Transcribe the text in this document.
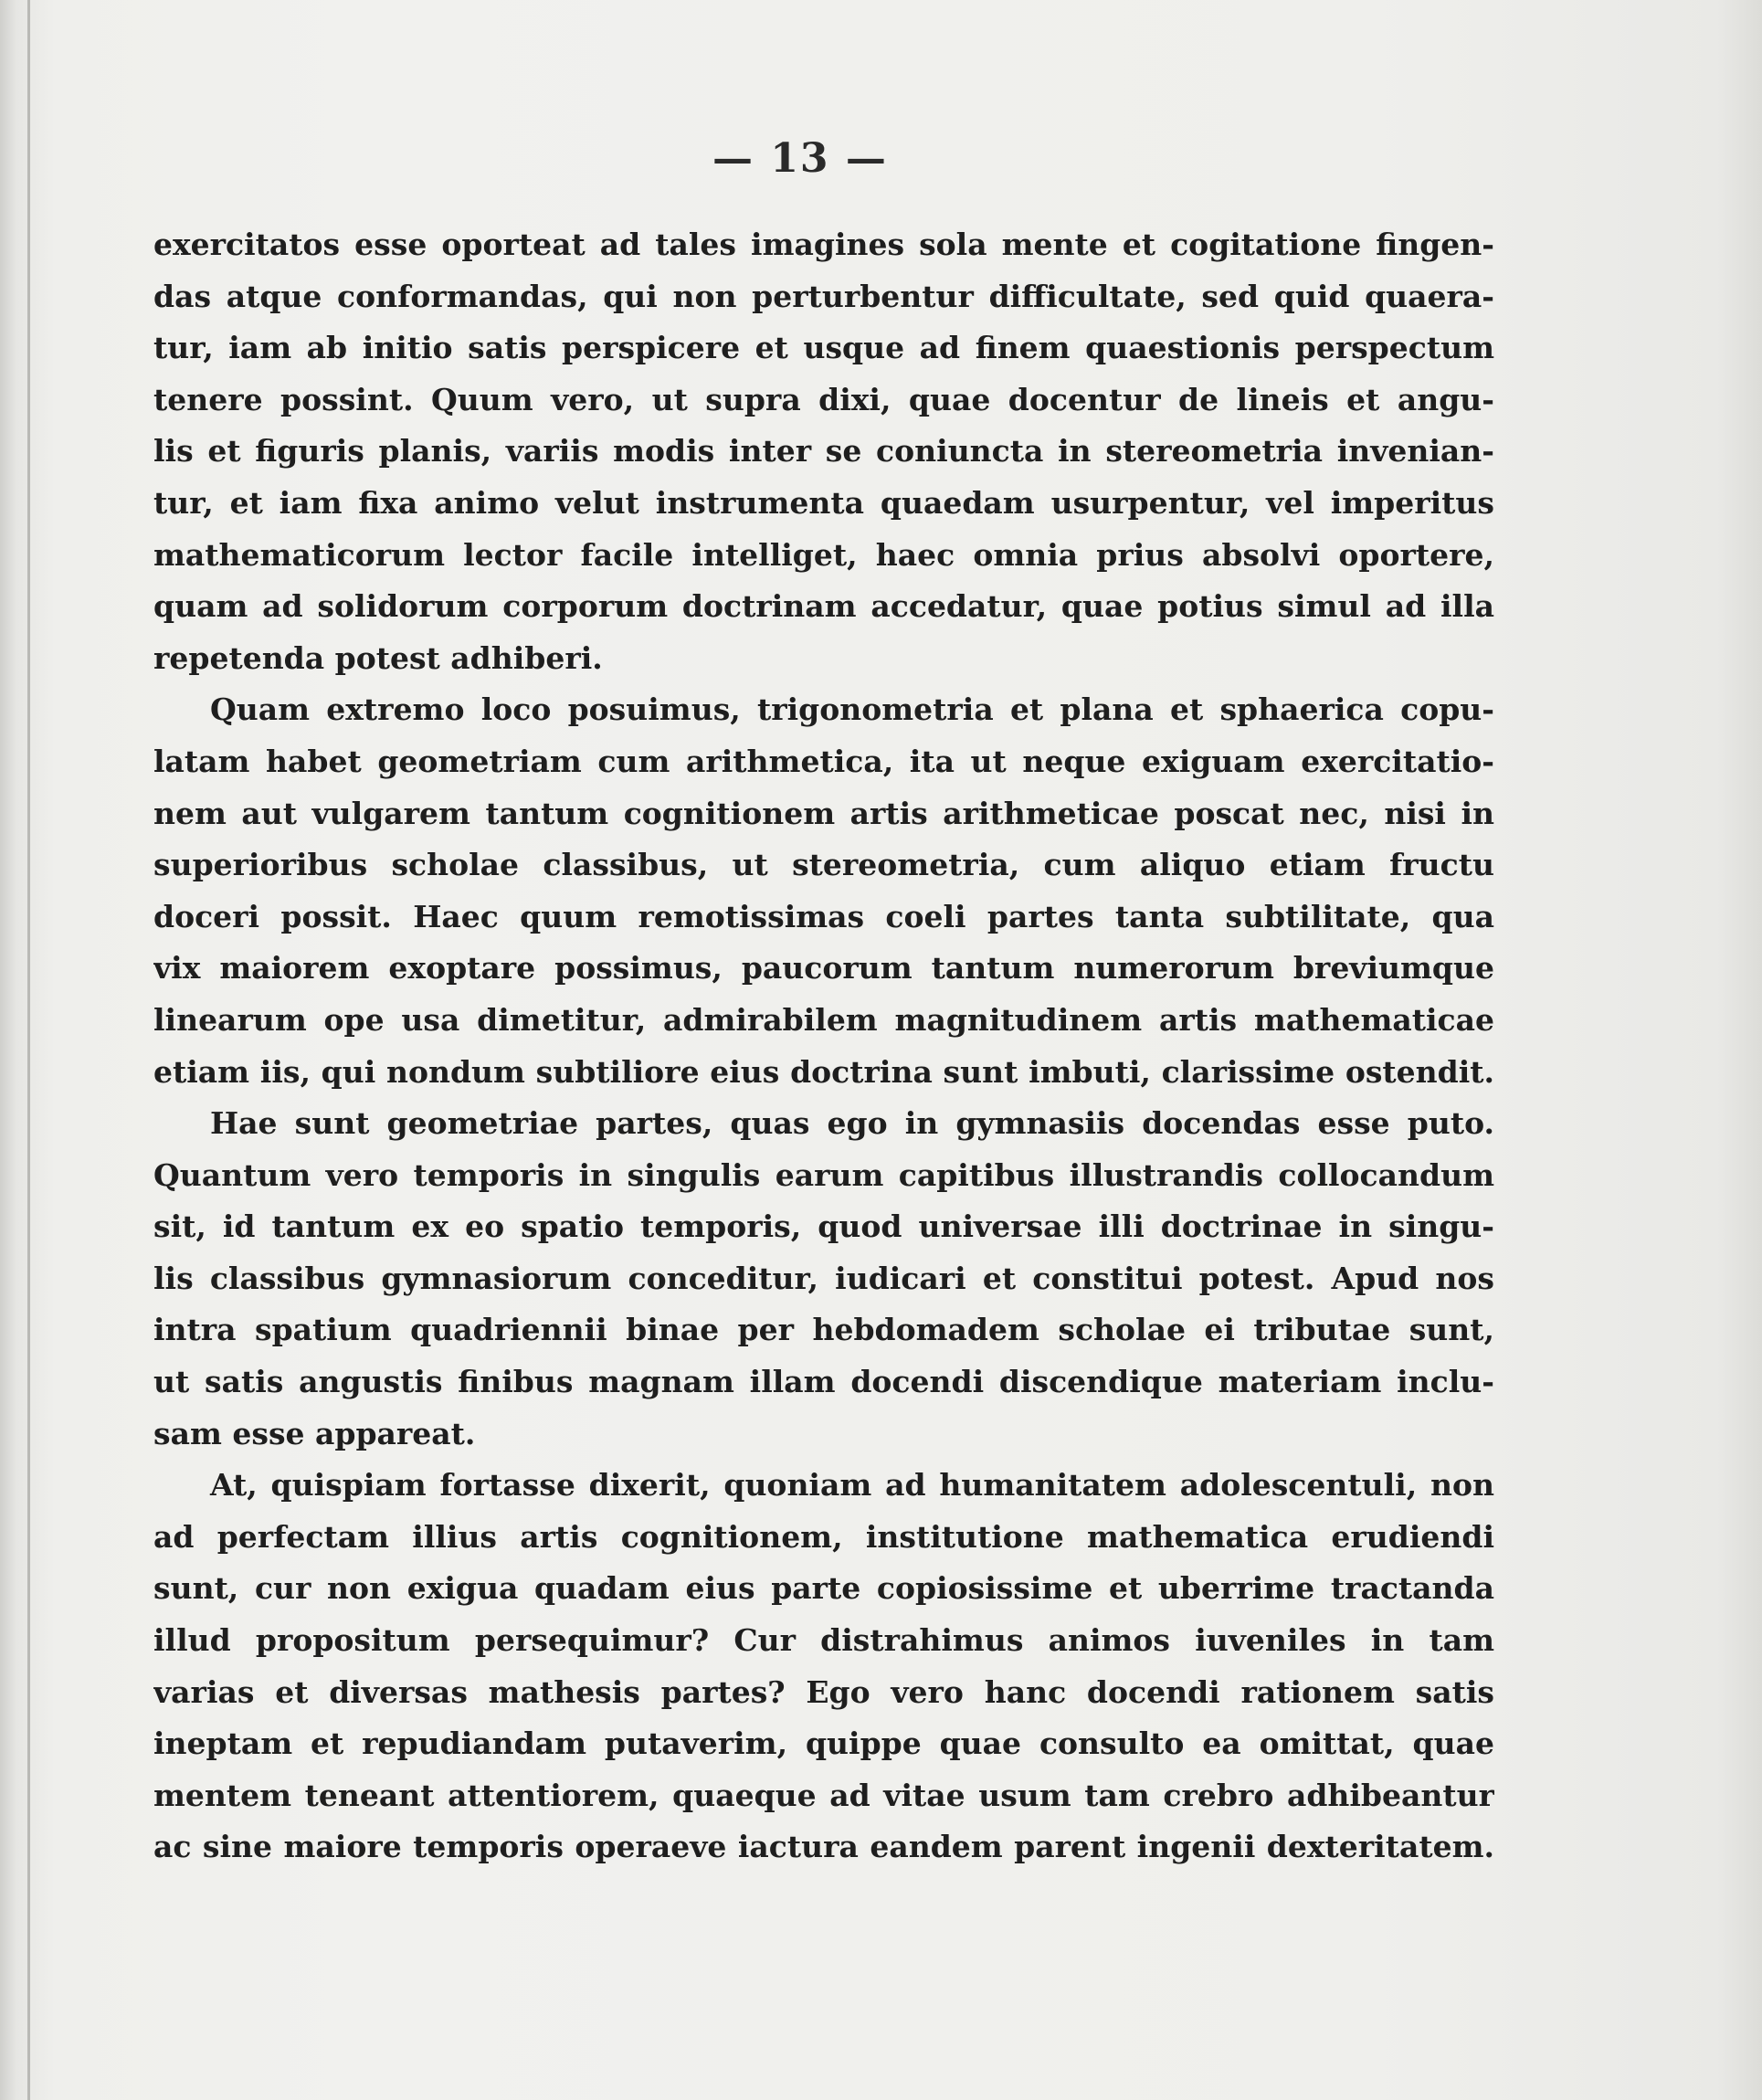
— 13 —

exercitatos esse oporteat ad tales imagines sola mente et cogitatione fingen-
das atque conformandas, qui non perturbentur difficultate, sed quid quaera-
tur, iam ab initio satis perspicere et usque ad finem quaestionis perspectum
tenere possint. Quum vero, ut supra dixi, quae docentur de lineis et angu-
lis et figuris planis, variis modis inter se coniuncta in stereometria invenian-
tur, et iam fixa animo velut instrumenta quaedam usurpentur, vel imperitus
mathematicorum lector facile intelliget, haec omnia prius absolvi oportere,
quam ad solidorum corporum doctrinam accedatur, quae potius simul ad illa
repetenda potest adhiberi.

Quam extremo loco posuimus, trigonometria et plana et sphaerica copu-
latam habet geometriam cum arithmetica, ita ut neque exiguam exercitatio-
nem aut vulgarem tantum cognitionem artis arithmeticae poscat nec, nisi in
superioribus scholae classibus, ut stereometria, cum aliquo etiam fructu
doceri possit. Haec quum remotissimas coeli partes tanta subtilitate, qua
vix maiorem exoptare possimus, paucorum tantum numerorum breviumque
linearum ope usa dimetitur, admirabilem magnitudinem artis mathematicae
etiam iis, qui nondum subtiliore eius doctrina sunt imbuti, clarissime ostendit.

Hae sunt geometriae partes, quas ego in gymnasiis docendas esse puto.
Quantum vero temporis in singulis earum capitibus illustrandis collocandum
sit, id tantum ex eo spatio temporis, quod universae illi doctrinae in singu-
lis classibus gymnasiorum conceditur, iudicari et constitui potest. Apud nos
intra spatium quadriennii binae per hebdomadem scholae ei tributae sunt,
ut satis angustis finibus magnam illam docendi discendique materiam inclu-
sam esse appareat.

At, quispiam fortasse dixerit, quoniam ad humanitatem adolescentuli, non
ad perfectam illius artis cognitionem, institutione mathematica erudiendi
sunt, cur non exigua quadam eius parte copiosissime et uberrime tractanda
illud propositum persequimur? Cur distrahimus animos iuveniles in tam
varias et diversas mathesis partes? Ego vero hanc docendi rationem satis
ineptam et repudiandam putaverim, quippe quae consulto ea omittat, quae
mentem teneant attentiorem, quaeque ad vitae usum tam crebro adhibeantur
ac sine maiore temporis operaeve iactura eandem parent ingenii dexteritatem.
